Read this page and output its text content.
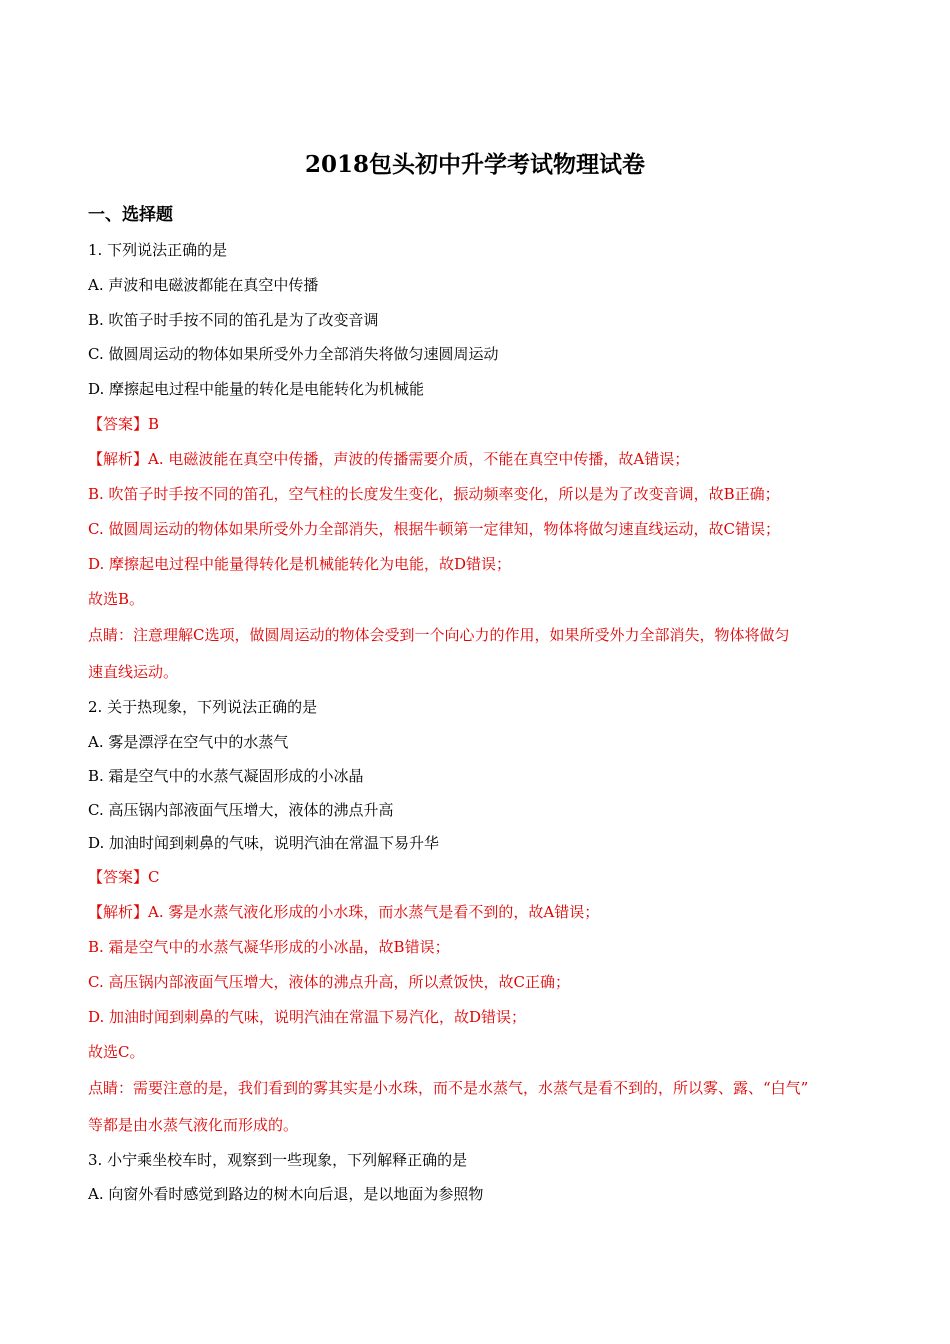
2018包头初中升学考试物理试卷
一、选择题
1. 下列说法正确的是
A. 声波和电磁波都能在真空中传播
B. 吹笛子时手按不同的笛孔是为了改变音调
C. 做圆周运动的物体如果所受外力全部消失将做匀速圆周运动
D. 摩擦起电过程中能量的转化是电能转化为机械能
【答案】B
【解析】A. 电磁波能在真空中传播，声波的传播需要介质，不能在真空中传播，故A错误；
B. 吹笛子时手按不同的笛孔，空气柱的长度发生变化，振动频率变化，所以是为了改变音调，故B正确；
C. 做圆周运动的物体如果所受外力全部消失，根据牛顿第一定律知，物体将做匀速直线运动，故C错误；
D. 摩擦起电过程中能量得转化是机械能转化为电能，故D错误；
故选B。
点睛：注意理解C选项，做圆周运动的物体会受到一个向心力的作用，如果所受外力全部消失，物体将做匀
速直线运动。
2. 关于热现象，下列说法正确的是
A. 雾是漂浮在空气中的水蒸气
B. 霜是空气中的水蒸气凝固形成的小冰晶
C. 高压锅内部液面气压增大，液体的沸点升高
D. 加油时闻到刺鼻的气味，说明汽油在常温下易升华
【答案】C
【解析】A. 雾是水蒸气液化形成的小水珠，而水蒸气是看不到的，故A错误；
B. 霜是空气中的水蒸气凝华形成的小冰晶，故B错误；
C. 高压锅内部液面气压增大，液体的沸点升高，所以煮饭快，故C正确；
D. 加油时闻到刺鼻的气味，说明汽油在常温下易汽化，故D错误；
故选C。
点睛：需要注意的是，我们看到的雾其实是小水珠，而不是水蒸气，水蒸气是看不到的，所以雾、露、“白气”
等都是由水蒸气液化而形成的。
3. 小宁乘坐校车时，观察到一些现象，下列解释正确的是
A. 向窗外看时感觉到路边的树木向后退，是以地面为参照物
